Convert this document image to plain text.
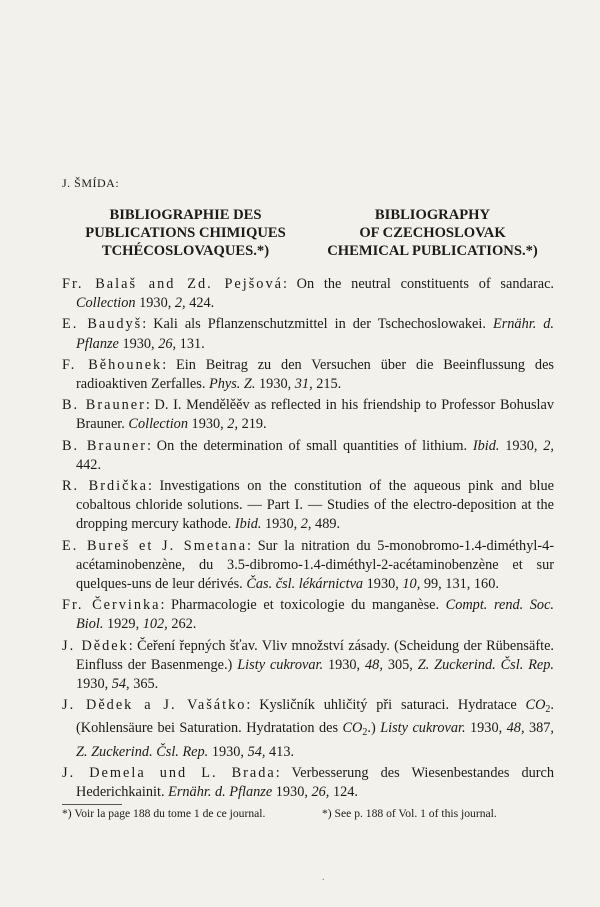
J. ŠMÍDA:
BIBLIOGRAPHIE DES
PUBLICATIONS CHIMIQUES
TCHÉCOSLOVAQUES.*)
BIBLIOGRAPHY
OF CZECHOSLOVAK
CHEMICAL PUBLICATIONS.*)

Fr. Balaš and Zd. Pejšová: On the neutral constituents of sandarac. Collection 1930, 2, 424.

E. Baudyš: Kali als Pflanzenschutzmittel in der Tschechoslowakei. Ernähr. d. Pflanze 1930, 26, 131.

F. Běhounek: Ein Beitrag zu den Versuchen über die Beeinflussung des radioaktiven Zerfalles. Phys. Z. 1930, 31, 215.

B. Brauner: D. I. Mendělěěv as reflected in his friendship to Professor Bohuslav Brauner. Collection 1930, 2, 219.

B. Brauner: On the determination of small quantities of lithium. Ibid. 1930, 2, 442.

R. Brdička: Investigations on the constitution of the aqueous pink and blue cobaltous chloride solutions. — Part I. — Studies of the electro-deposition at the dropping mercury kathode. Ibid. 1930, 2, 489.

E. Bureš et J. Smetana: Sur la nitration du 5-monobromo-1.4-diméthyl-4-acétaminobenzène, du 3.5-dibromo-1.4-diméthyl-2-acétaminobenzène et sur quelques-uns de leur dérivés. Čas. čsl. lékárnictva 1930, 10, 99, 131, 160.

Fr. Červinka: Pharmacologie et toxicologie du manganèse. Compt. rend. Soc. Biol. 1929, 102, 262.

J. Dědek: Čeření řepných šťav. Vliv množství zásady. (Scheidung der Rübensäfte. Einfluss der Basenmenge.) Listy cukrovar. 1930, 48, 305, Z. Zuckerind. Čsl. Rep. 1930, 54, 365.

J. Dědek a J. Vašátko: Kysličník uhličitý při saturaci. Hydratace $CO_2$. (Kohlensäure bei Saturation. Hydratation des $CO_2$.) Listy cukrovar. 1930, 48, 387, Z. Zuckerind. Čsl. Rep. 1930, 54, 413.

J. Demela und L. Brada: Verbesserung des Wiesenbestandes durch Hederichkainit. Ernähr. d. Pflanze 1930, 26, 124.

*) Voir la page 188 du tome 1 de ce journal.	*) See p. 188 of Vol. 1 of this journal.
.
